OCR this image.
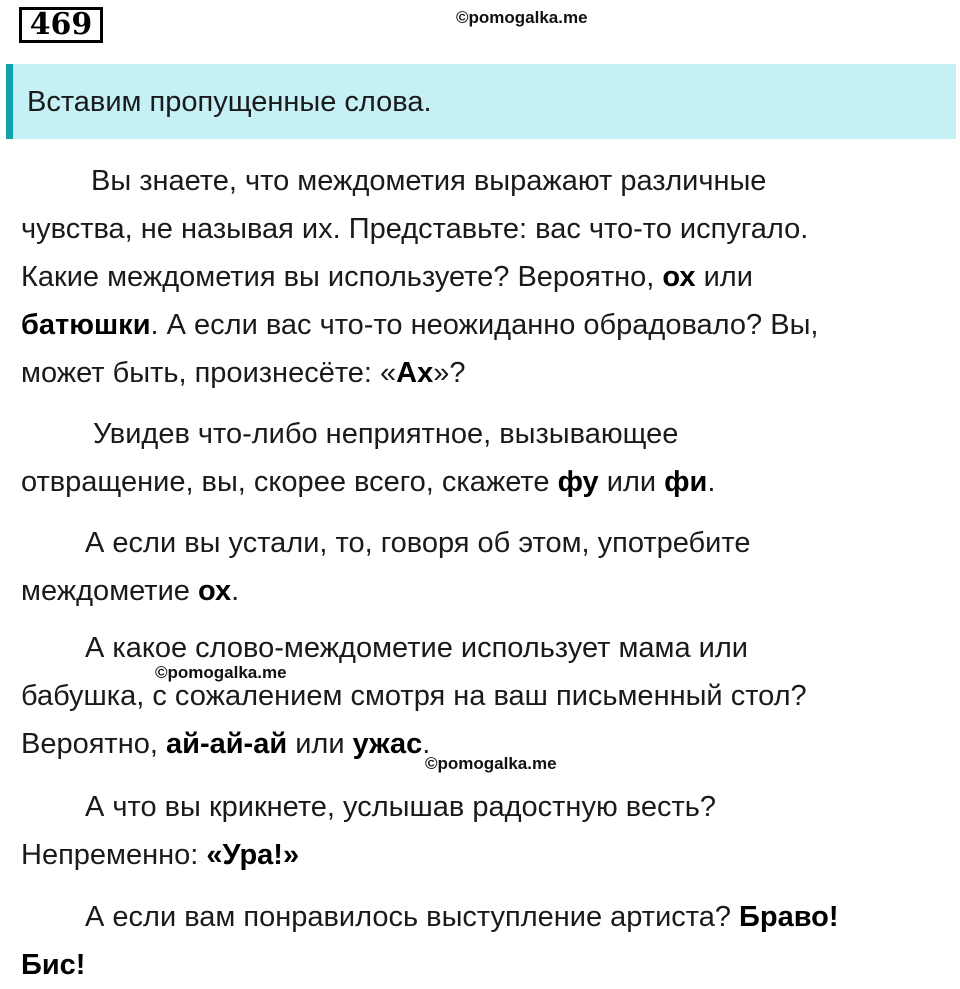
469	©pomogalka.me
Вставим пропущенные слова.
Вы знаете, что междометия выражают различные
чувства, не называя их. Представьте: вас что-то испугало.
Какие междометия вы используете? Вероятно, ох или
батюшки. А если вас что-то неожиданно обрадовало? Вы,
может быть, произнесёте: «Ах»?
Увидев что-либо неприятное, вызывающее
отвращение, вы, скорее всего, скажете фу или фи.
А если вы устали, то, говоря об этом, употребите
междометие ох.
А какое слово-междометие использует мама или
бабушка, с сожалением смотря на ваш письменный стол?
Вероятно, ай-ай-ай или ужас.
А что вы крикнете, услышав радостную весть?
Непременно: «Ура!»
А если вам понравилось выступление артиста? Браво!
Бис!
©pomogalka.me
©pomogalka.me
